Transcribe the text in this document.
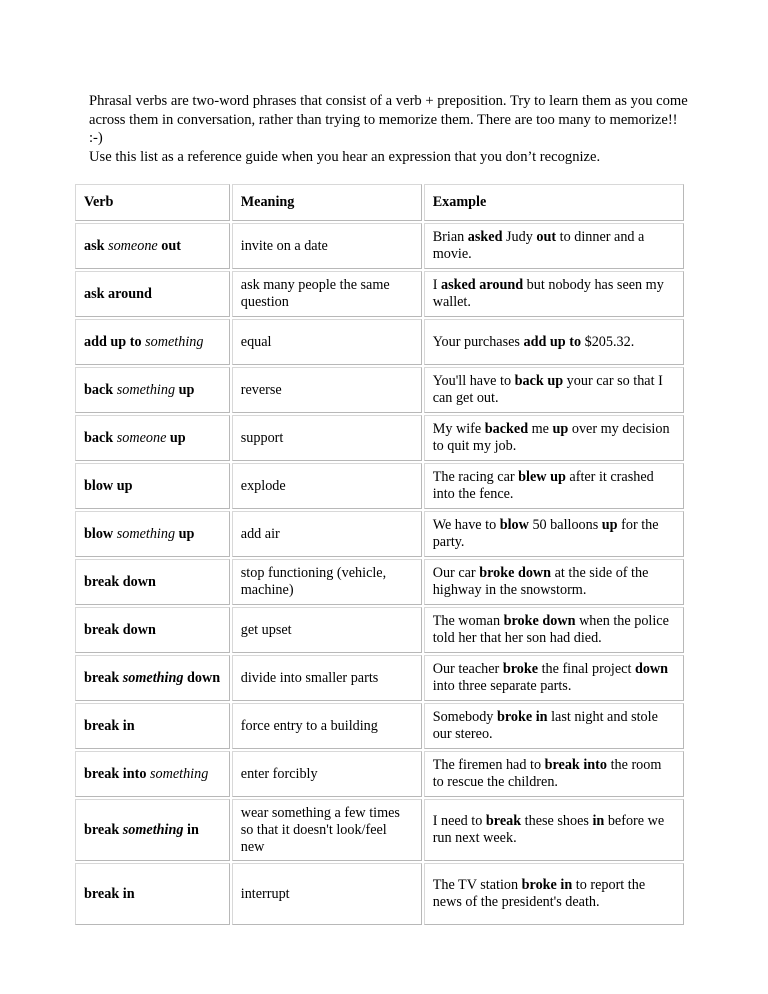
Phrasal verbs are two-word phrases that consist of a verb + preposition. Try to learn them as you come across them in conversation, rather than trying to memorize them. There are too many to memorize!! :-)

Use this list as a reference guide when you hear an expression that you don’t recognize.

Verb	Meaning	Example
ask someone out	invite on a date	Brian asked Judy out to dinner and a movie.
ask around	ask many people the same question	I asked around but nobody has seen my wallet.
add up to something	equal	Your purchases add up to $205.32.
back something up	reverse	You'll have to back up your car so that I can get out.
back someone up	support	My wife backed me up over my decision to quit my job.
blow up	explode	The racing car blew up after it crashed into the fence.
blow something up	add air	We have to blow 50 balloons up for the party.
break down	stop functioning (vehicle, machine)	Our car broke down at the side of the highway in the snowstorm.
break down	get upset	The woman broke down when the police told her that her son had died.
break something down	divide into smaller parts	Our teacher broke the final project down into three separate parts.
break in	force entry to a building	Somebody broke in last night and stole our stereo.
break into something	enter forcibly	The firemen had to break into the room to rescue the children.
break something in	wear something a few times so that it doesn't look/feel new	I need to break these shoes in before we run next week.
break in	interrupt	The TV station broke in to report the news of the president's death.
